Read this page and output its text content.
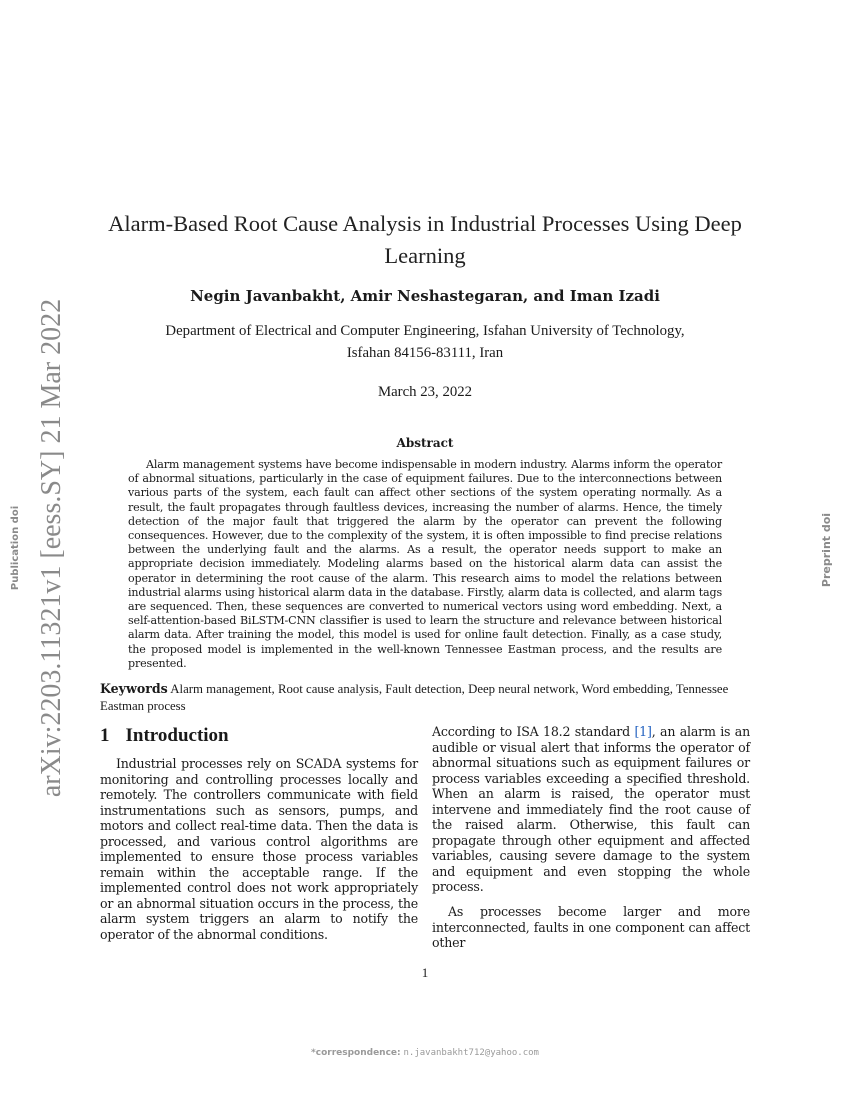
arXiv:2203.11321v1 [eess.SY] 21 Mar 2022
Publication doi	Preprint doi
Alarm-Based Root Cause Analysis in Industrial Processes Using Deep Learning
Negin Javanbakht, Amir Neshastegaran, and Iman Izadi
Department of Electrical and Computer Engineering, Isfahan University of Technology,
Isfahan 84156-83111, Iran
March 23, 2022
Abstract
Alarm management systems have become indispensable in modern industry. Alarms inform the operator of abnormal situations, particularly in the case of equipment failures. Due to the interconnections between various parts of the system, each fault can affect other sections of the system operating normally. As a result, the fault propagates through faultless devices, increasing the number of alarms. Hence, the timely detection of the major fault that triggered the alarm by the operator can prevent the following consequences. However, due to the complexity of the system, it is often impossible to find precise relations between the underlying fault and the alarms. As a result, the operator needs support to make an appropriate decision immediately. Modeling alarms based on the historical alarm data can assist the operator in determining the root cause of the alarm. This research aims to model the relations between industrial alarms using historical alarm data in the database. Firstly, alarm data is collected, and alarm tags are sequenced. Then, these sequences are converted to numerical vectors using word embedding. Next, a self-attention-based BiLSTM-CNN classifier is used to learn the structure and relevance between historical alarm data. After training the model, this model is used for online fault detection. Finally, as a case study, the proposed model is implemented in the well-known Tennessee Eastman process, and the results are presented.
Keywords Alarm management, Root cause analysis, Fault detection, Deep neural network, Word embedding, Tennessee Eastman process
1 Introduction
Industrial processes rely on SCADA systems for monitoring and controlling processes locally and remotely. The controllers communicate with field instrumentations such as sensors, pumps, and motors and collect real-time data. Then the data is processed, and various control algorithms are implemented to ensure those process variables remain within the acceptable range. If the implemented control does not work appropriately or an abnormal situation occurs in the process, the alarm system triggers an alarm to notify the operator of the abnormal conditions.

According to ISA 18.2 standard [1], an alarm is an audible or visual alert that informs the operator of abnormal situations such as equipment failures or process variables exceeding a specified threshold. When an alarm is raised, the operator must intervene and immediately find the root cause of the raised alarm. Otherwise, this fault can propagate through other equipment and affected variables, causing severe damage to the system and equipment and even stopping the whole process.

As processes become larger and more interconnected, faults in one component can affect other

1
*correspondence: n.javanbakht712@yahoo.com
